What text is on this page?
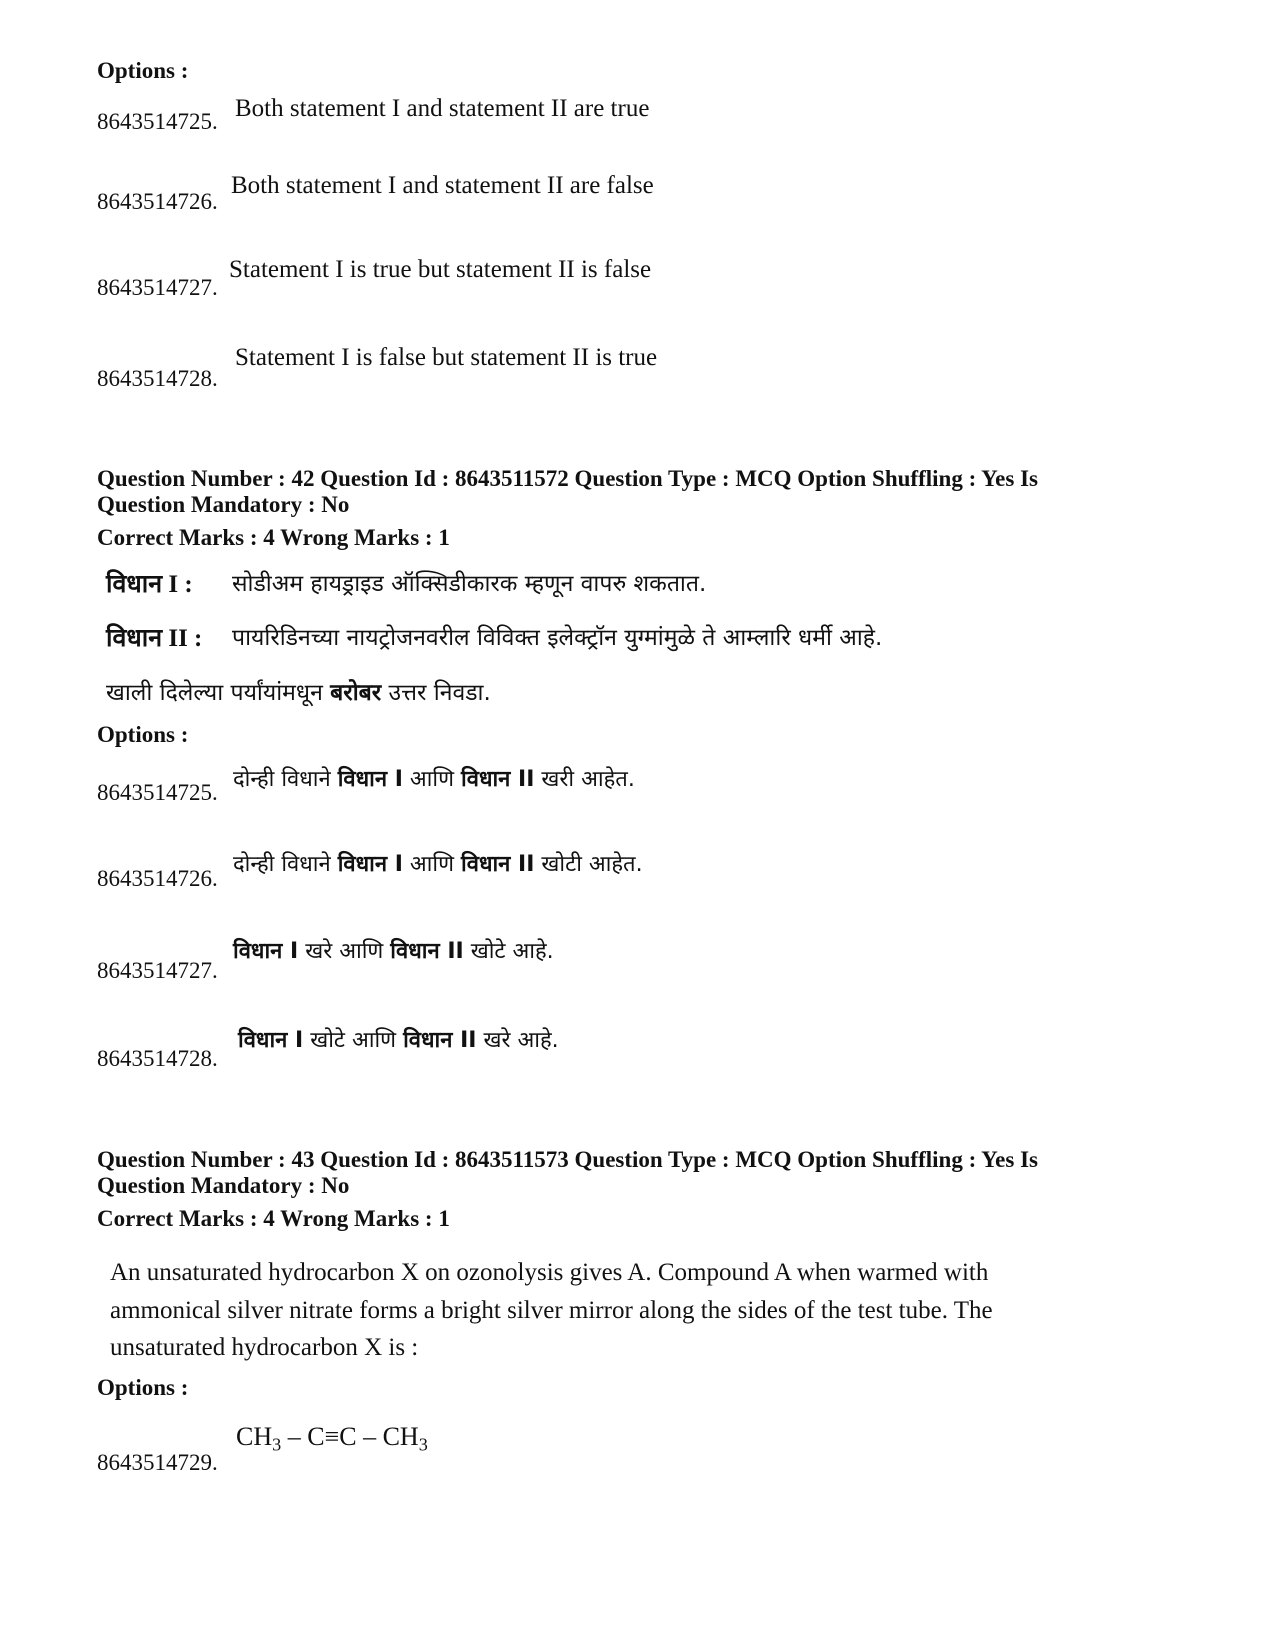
Options :
8643514725. Both statement I and statement II are true
8643514726.
Both statement I and statement II are false
8643514727.
Statement I is true but statement II is false
8643514728.
Statement I is false but statement II is true
Question Number : 42 Question Id : 8643511572 Question Type : MCQ Option Shuffling : Yes Is
Question Mandatory : No
Correct Marks : 4 Wrong Marks : 1
विधान I : सोडीअम हायड्राइड ऑक्सिडीकारक म्हणून वापरु शकतात.
विधान II : पायरिडिनच्या नायट्रोजनवरील विविक्त इलेक्ट्रॉन युग्मांमुळे ते आम्लारि धर्मी आहे.
खाली दिलेल्या पर्यांयांमधून बरोबर उत्तर निवडा.
Options :
8643514725.
दोन्ही विधाने विधान I आणि विधान II खरी आहेत.
8643514726.
दोन्ही विधाने विधान I आणि विधान II खोटी आहेत.
8643514727.
विधान I खरे आणि विधान II खोटे आहे.
8643514728.
विधान I खोटे आणि विधान II खरे आहे.
Question Number : 43 Question Id : 8643511573 Question Type : MCQ Option Shuffling : Yes Is
Question Mandatory : No
Correct Marks : 4 Wrong Marks : 1
An unsaturated hydrocarbon X on ozonolysis gives A. Compound A when warmed with
ammonical silver nitrate forms a bright silver mirror along the sides of the test tube. The
unsaturated hydrocarbon X is :
Options :
8643514729.
$CH_3 - C\equiv C - CH_3$
